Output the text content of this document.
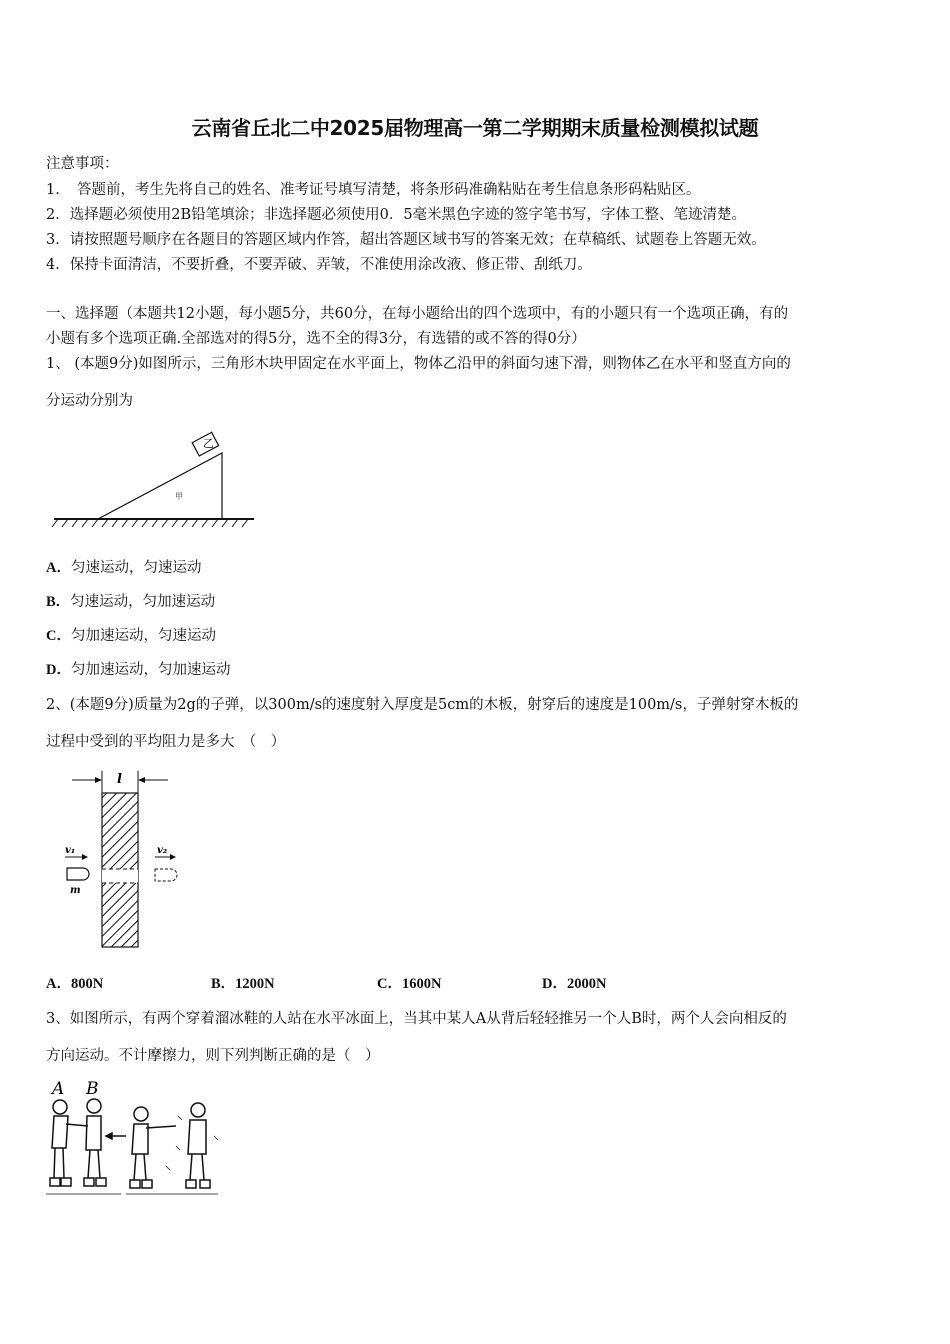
云南省丘北二中2025届物理高一第二学期期末质量检测模拟试题
注意事项：
1．　答题前，考生先将自己的姓名、准考证号填写清楚，将条形码准确粘贴在考生信息条形码粘贴区。
2．选择题必须使用2B铅笔填涂；非选择题必须使用0．5毫米黑色字迹的签字笔书写，字体工整、笔迹清楚。
3．请按照题号顺序在各题目的答题区域内作答，超出答题区域书写的答案无效；在草稿纸、试题卷上答题无效。
4．保持卡面清洁，不要折叠，不要弄破、弄皱，不准使用涂改液、修正带、刮纸刀。
一、选择题（本题共12小题，每小题5分，共60分，在每小题给出的四个选项中，有的小题只有一个选项正确，有的
小题有多个选项正确.全部选对的得5分，选不全的得3分，有选错的或不答的得0分）
1、 (本题9分)如图所示，三角形木块甲固定在水平面上，物体乙沿甲的斜面匀速下滑，则物体乙在水平和竖直方向的
分运动分别为
乙
甲
A．匀速运动，匀速运动
B．匀速运动，匀加速运动
C．匀加速运动，匀速运动
D．匀加速运动，匀加速运动
2、(本题9分)质量为2g的子弹，以300m/s的速度射入厚度是5cm的木板，射穿后的速度是100m/s，子弹射穿木板的
过程中受到的平均阻力是多大　（　）
l
v₁
m
v₂
A．800N	B．1200N	C．1600N	D．2000N
3、如图所示，有两个穿着溜冰鞋的人站在水平冰面上，当其中某人A从背后轻轻推另一个人B时，两个人会向相反的
方向运动。不计摩擦力，则下列判断正确的是（　）
A B
